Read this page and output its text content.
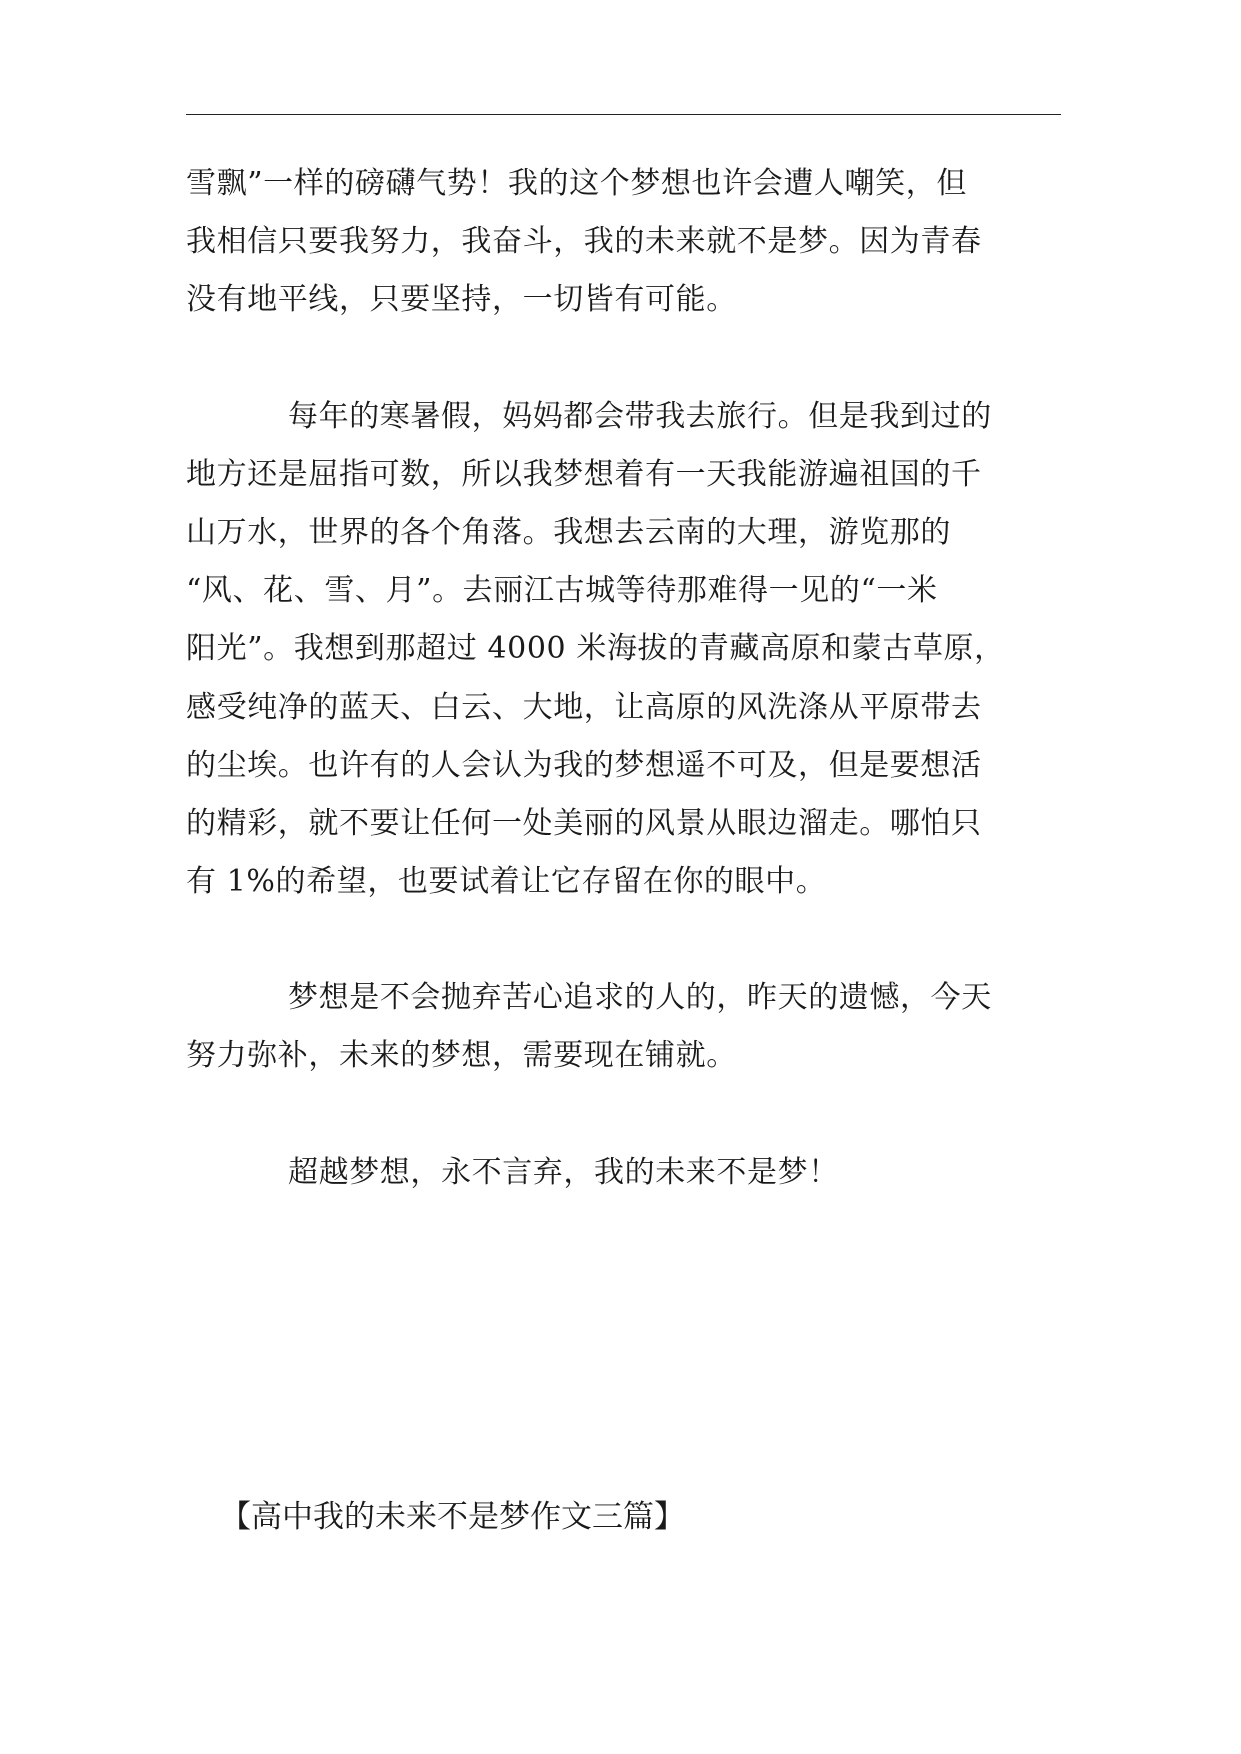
雪飘”一样的磅礴气势！我的这个梦想也许会遭人嘲笑，但
我相信只要我努力，我奋斗，我的未来就不是梦。因为青春
没有地平线，只要坚持，一切皆有可能。

每年的寒暑假，妈妈都会带我去旅行。但是我到过的
地方还是屈指可数，所以我梦想着有一天我能游遍祖国的千
山万水，世界的各个角落。我想去云南的大理，游览那的
“风、花、雪、月”。去丽江古城等待那难得一见的“一米
阳光”。我想到那超过 4000 米海拔的青藏高原和蒙古草原，
感受纯净的蓝天、白云、大地，让高原的风洗涤从平原带去
的尘埃。也许有的人会认为我的梦想遥不可及，但是要想活
的精彩，就不要让任何一处美丽的风景从眼边溜走。哪怕只
有 1%的希望，也要试着让它存留在你的眼中。

梦想是不会抛弃苦心追求的人的，昨天的遗憾，今天
努力弥补，未来的梦想，需要现在铺就。

超越梦想，永不言弃，我的未来不是梦！

【高中我的未来不是梦作文三篇】
